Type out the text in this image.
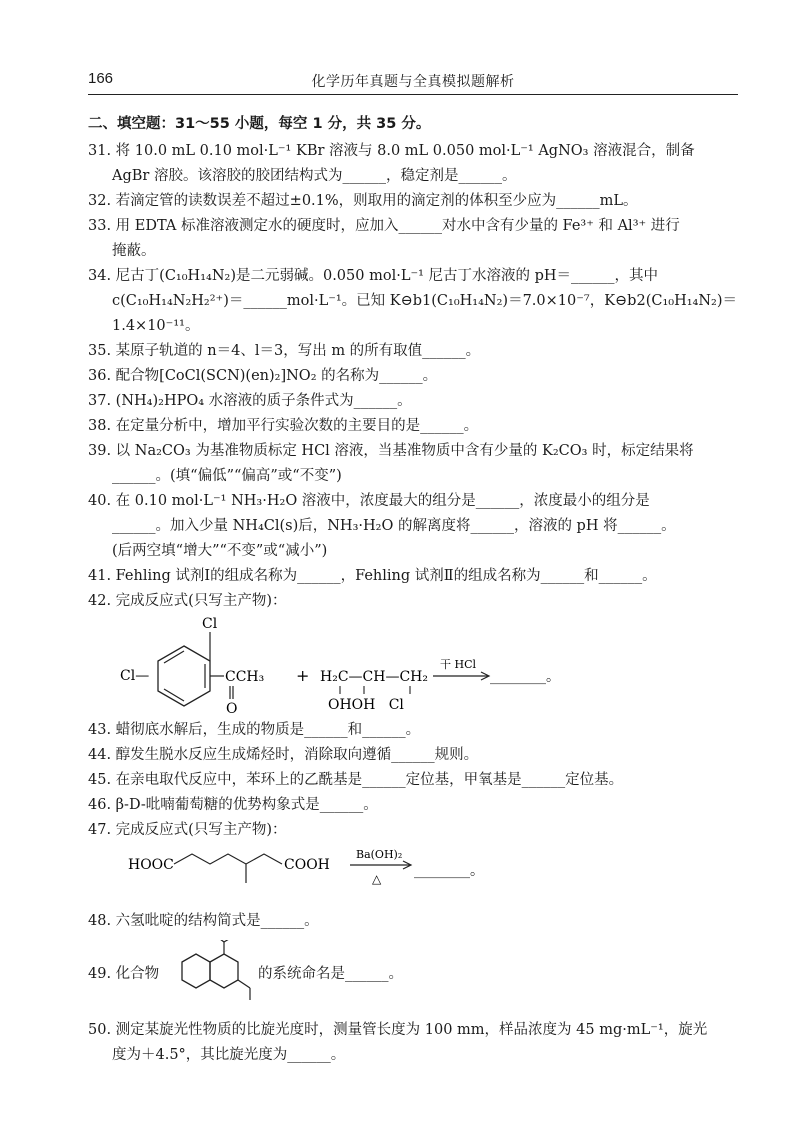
166	化学历年真题与全真模拟题解析
二、填空题：31～55 小题，每空 1 分，共 35 分。
31. 将 10.0 mL 0.10 mol·L⁻¹ KBr 溶液与 8.0 mL 0.050 mol·L⁻¹ AgNO₃ 溶液混合，制备
AgBr 溶胶。该溶胶的胶团结构式为______，稳定剂是______。
32. 若滴定管的读数误差不超过±0.1%，则取用的滴定剂的体积至少应为______mL。
33. 用 EDTA 标准溶液测定水的硬度时，应加入______对水中含有少量的 Fe³⁺ 和 Al³⁺ 进行
掩蔽。
34. 尼古丁(C₁₀H₁₄N₂)是二元弱碱。0.050 mol·L⁻¹ 尼古丁水溶液的 pH＝______，其中
c(C₁₀H₁₄N₂H₂²⁺)＝______mol·L⁻¹。已知 K⊖b1(C₁₀H₁₄N₂)＝7.0×10⁻⁷，K⊖b2(C₁₀H₁₄N₂)＝
1.4×10⁻¹¹。
35. 某原子轨道的 n＝4、l＝3，写出 m 的所有取值______。
36. 配合物[CoCl(SCN)(en)₂]NO₂ 的名称为______。
37. (NH₄)₂HPO₄ 水溶液的质子条件式为______。
38. 在定量分析中，增加平行实验次数的主要目的是______。
39. 以 Na₂CO₃ 为基准物质标定 HCl 溶液，当基准物质中含有少量的 K₂CO₃ 时，标定结果将
______。(填“偏低”“偏高”或“不变”)
40. 在 0.10 mol·L⁻¹ NH₃·H₂O 溶液中，浓度最大的组分是______，浓度最小的组分是
______。加入少量 NH₄Cl(s)后，NH₃·H₂O 的解离度将______，溶液的 pH 将______。
(后两空填“增大”“不变”或“减小”)
41. Fehling 试剂Ⅰ的组成名称为______，Fehling 试剂Ⅱ的组成名称为______和______。
42. 完成反应式(只写主产物)：
Cl
Cl—	CCH₃
O
+ H₂C—CH—CH₂
OHOH   Cl
干 HCl
________。
43. 蜡彻底水解后，生成的物质是______和______。
44. 醇发生脱水反应生成烯烃时，消除取向遵循______规则。
45. 在亲电取代反应中，苯环上的乙酰基是______定位基，甲氧基是______定位基。
46. β-D-吡喃葡萄糖的优势构象式是______。
47. 完成反应式(只写主产物)：
HOOC	COOH
Ba(OH)₂
△ ________。
48. 六氢吡啶的结构简式是______。
49. 化合物	的系统命名是______。
50. 测定某旋光性物质的比旋光度时，测量管长度为 100 mm，样品浓度为 45 mg·mL⁻¹，旋光
度为＋4.5°，其比旋光度为______。
